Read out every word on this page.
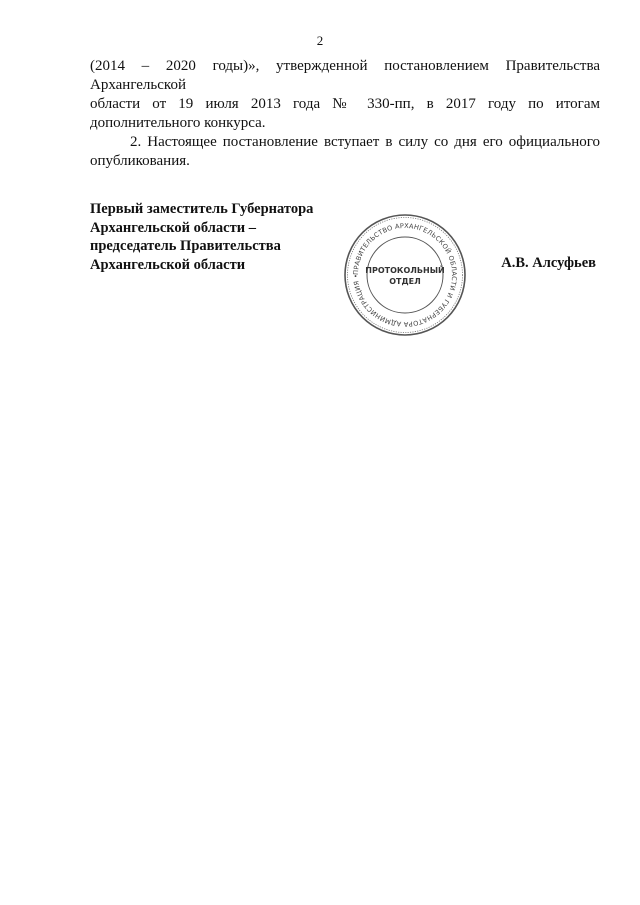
2

(2014 – 2020 годы)», утвержденной постановлением Правительства Архангельской
области от 19 июля 2013 года № 330-пп, в 2017 году по итогам
дополнительного конкурса.

2. Настоящее постановление вступает в силу со дня его официального
опубликования.

Первый заместитель Губернатора
Архангельской области –
председатель Правительства
Архангельской области	А.В. Алсуфьев
ПРАВИТЕЛЬСТВО АРХАНГЕЛЬСКОЙ ОБЛАСТИ И ГУБЕРНАТОРА АДМИНИСТРАЦИЯ •
ПРОТОКОЛЬНЫЙ
ОТДЕЛ
